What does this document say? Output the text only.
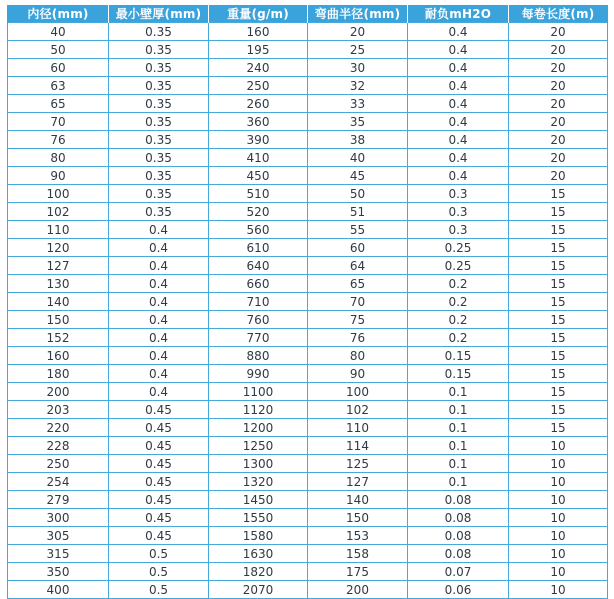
内径(mm)	最小壁厚(mm)	重量(g/m)	弯曲半径(mm)	耐负mH2O	每卷长度(m)
40	0.35	160	20	0.4	20
50	0.35	195	25	0.4	20
60	0.35	240	30	0.4	20
63	0.35	250	32	0.4	20
65	0.35	260	33	0.4	20
70	0.35	360	35	0.4	20
76	0.35	390	38	0.4	20
80	0.35	410	40	0.4	20
90	0.35	450	45	0.4	20
100	0.35	510	50	0.3	15
102	0.35	520	51	0.3	15
110	0.4	560	55	0.3	15
120	0.4	610	60	0.25	15
127	0.4	640	64	0.25	15
130	0.4	660	65	0.2	15
140	0.4	710	70	0.2	15
150	0.4	760	75	0.2	15
152	0.4	770	76	0.2	15
160	0.4	880	80	0.15	15
180	0.4	990	90	0.15	15
200	0.4	1100	100	0.1	15
203	0.45	1120	102	0.1	15
220	0.45	1200	110	0.1	15
228	0.45	1250	114	0.1	10
250	0.45	1300	125	0.1	10
254	0.45	1320	127	0.1	10
279	0.45	1450	140	0.08	10
300	0.45	1550	150	0.08	10
305	0.45	1580	153	0.08	10
315	0.5	1630	158	0.08	10
350	0.5	1820	175	0.07	10
400	0.5	2070	200	0.06	10
